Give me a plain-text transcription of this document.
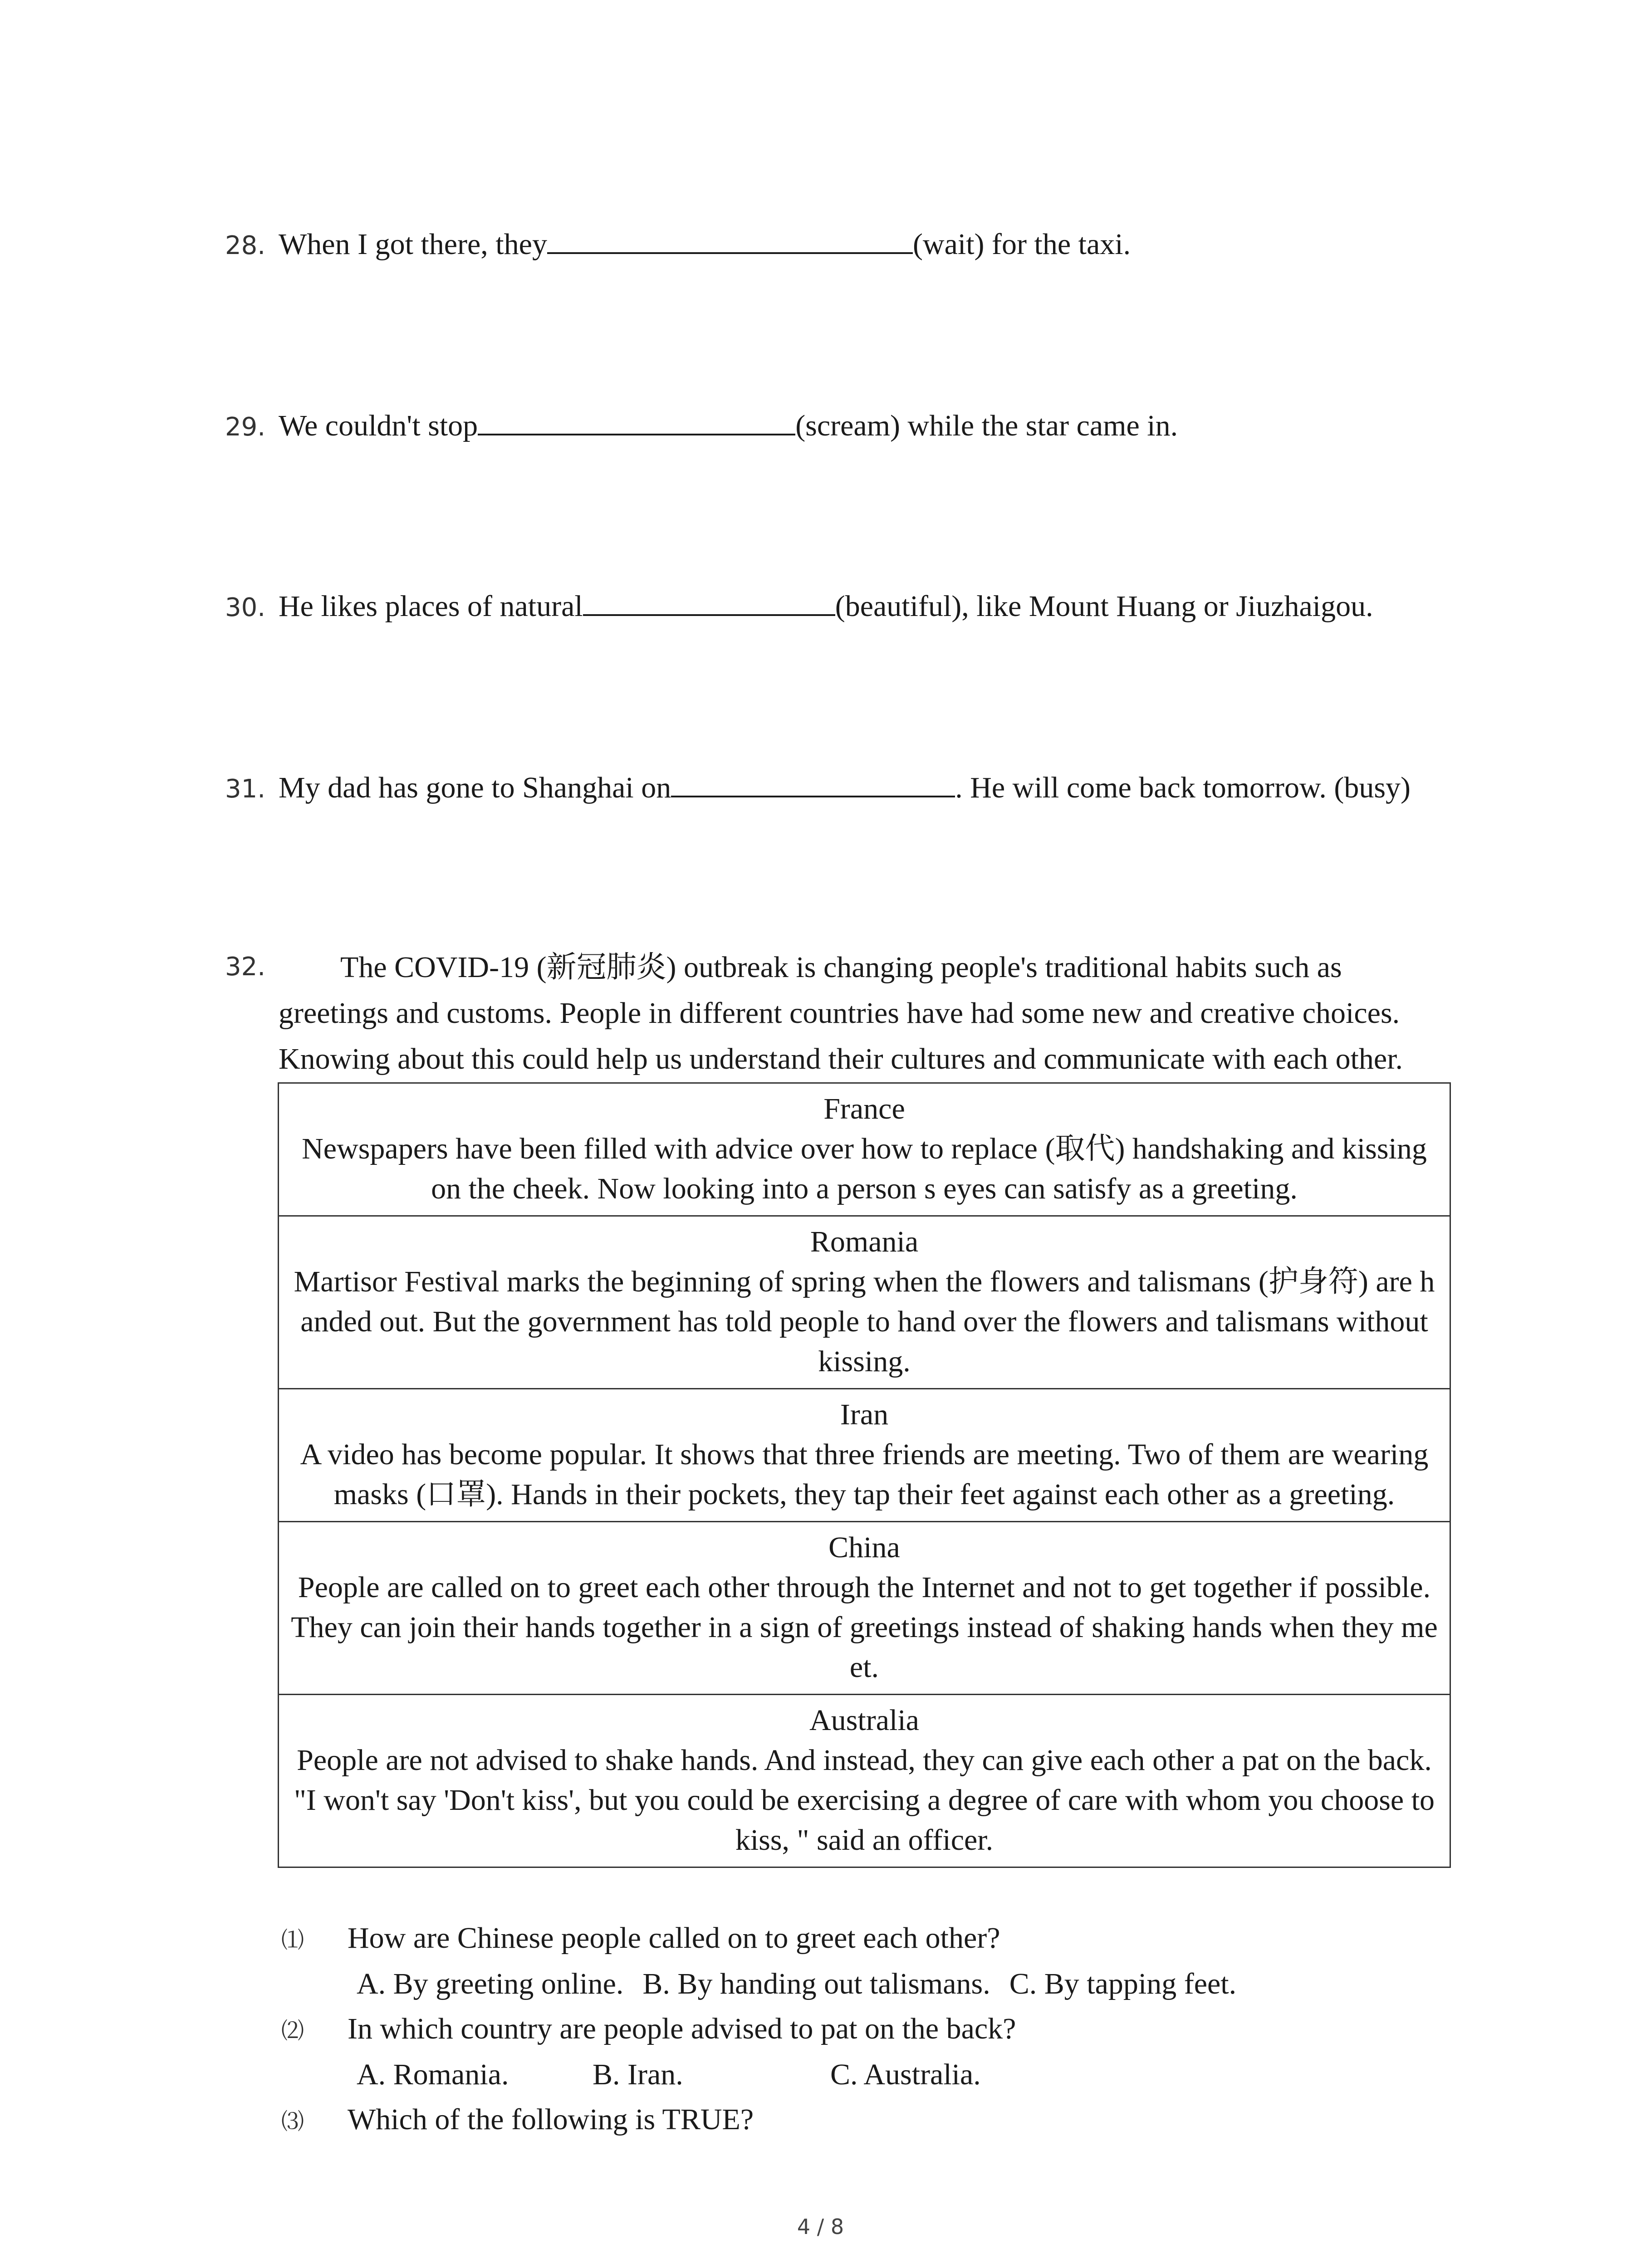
28. When I got there, they	(wait) for the taxi.
29. We couldn't stop	(scream) while the star came in.
30. He likes places of natural	(beautiful), like Mount Huang or Jiuzhaigou.
31. My dad has gone to Shanghai on	. He will come back tomorrow. (busy)
32.	The COVID-19 (新冠肺炎) outbreak is changing people's traditional habits such as

greetings and customs. People in different countries have had some new and creative choices.

Knowing about this could help us understand their cultures and communicate with each other.

France
Newspapers have been filled with advice over how to replace (取代) handshaking and kissing on the cheek. Now looking into a person s eyes can satisfy as a greeting.
Romania
Martisor Festival marks the beginning of spring when the flowers and talismans (护身符) are handed out. But the government has told people to hand over the flowers and talismans without kissing.
Iran
A video has become popular. It shows that three friends are meeting. Two of them are wearing masks (口罩). Hands in their pockets, they tap their feet against each other as a greeting.
China
People are called on to greet each other through the Internet and not to get together if possible. They can join their hands together in a sign of greetings instead of shaking hands when they meet.
Australia
People are not advised to shake hands. And instead, they can give each other a pat on the back. "I won't say 'Don't kiss', but you could be exercising a degree of care with whom you choose to kiss, " said an officer.
⑴ How are Chinese people called on to greet each other?
A. By greeting online. B. By handing out talismans. C. By tapping feet.
⑵ In which country are people advised to pat on the back?
A. Romania.	B. Iran.	C. Australia.
⑶ Which of the following is TRUE?
4 / 8
